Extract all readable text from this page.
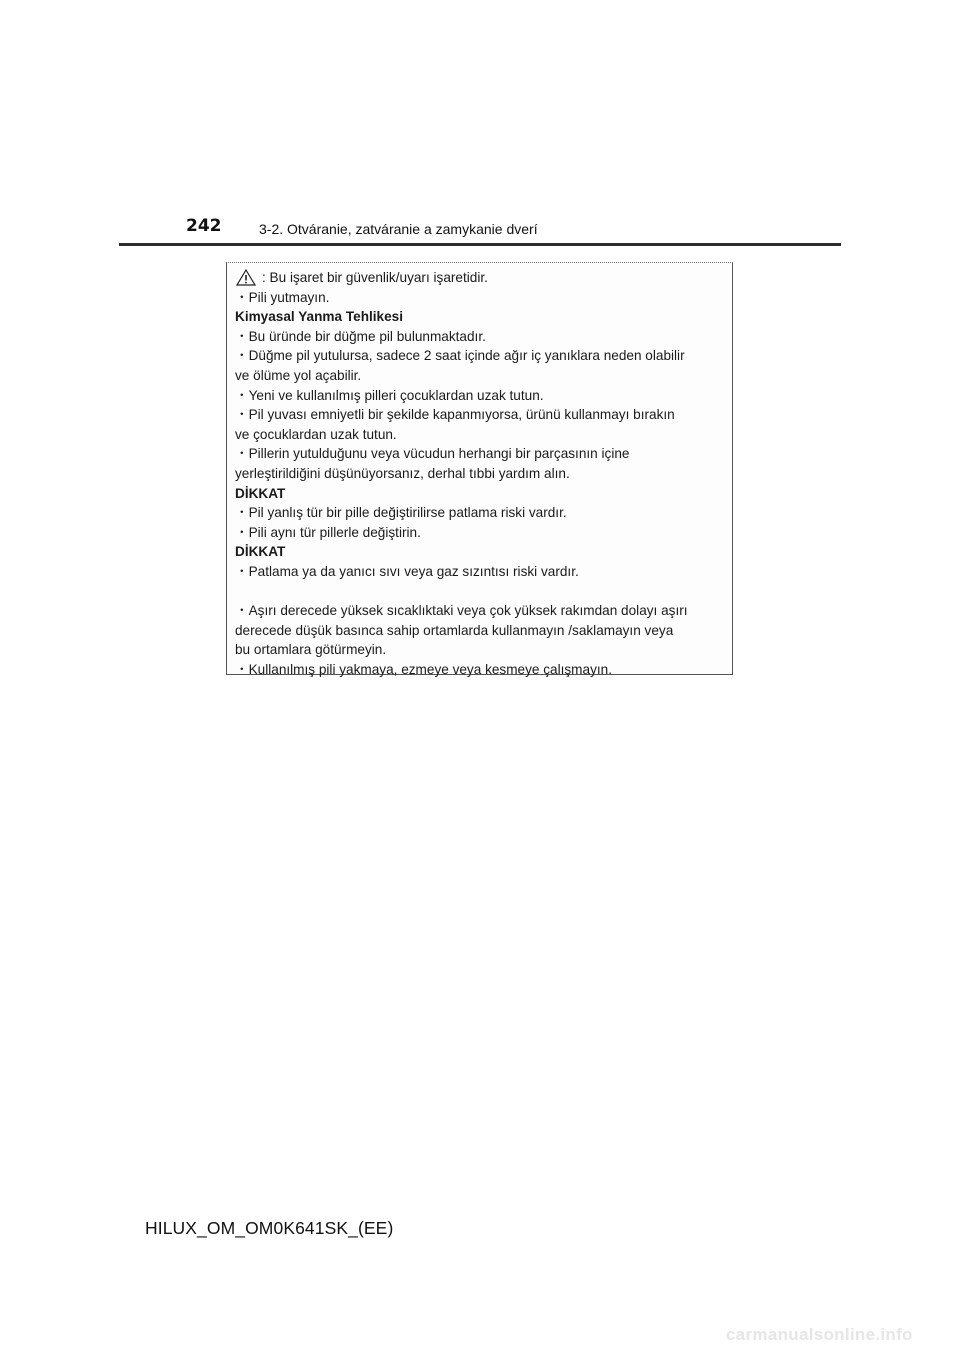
242	3-2. Otváranie, zatváranie a zamykanie dverí
: Bu işaret bir güvenlik/uyarı işaretidir.
・Pili yutmayın.
Kimyasal Yanma Tehlikesi
・Bu üründe bir düğme pil bulunmaktadır.
・Düğme pil yutulursa, sadece 2 saat içinde ağır iç yanıklara neden olabilir
ve ölüme yol açabilir.
・Yeni ve kullanılmış pilleri çocuklardan uzak tutun.
・Pil yuvası emniyetli bir şekilde kapanmıyorsa, ürünü kullanmayı bırakın
ve çocuklardan uzak tutun.
・Pillerin yutulduğunu veya vücudun herhangi bir parçasının içine
yerleştirildiğini düşünüyorsanız, derhal tıbbi yardım alın.
DİKKAT
・Pil yanlış tür bir pille değiştirilirse patlama riski vardır.
・Pili aynı tür pillerle değiştirin.
DİKKAT
・Patlama ya da yanıcı sıvı veya gaz sızıntısı riski vardır.
・Aşırı derecede yüksek sıcaklıktaki veya çok yüksek rakımdan dolayı aşırı
derecede düşük basınca sahip ortamlarda kullanmayın /saklamayın veya
bu ortamlara götürmeyin.
・Kullanılmış pili yakmaya, ezmeye veya kesmeye çalışmayın.
HILUX_OM_OM0K641SK_(EE)
carmanualsonline.info
